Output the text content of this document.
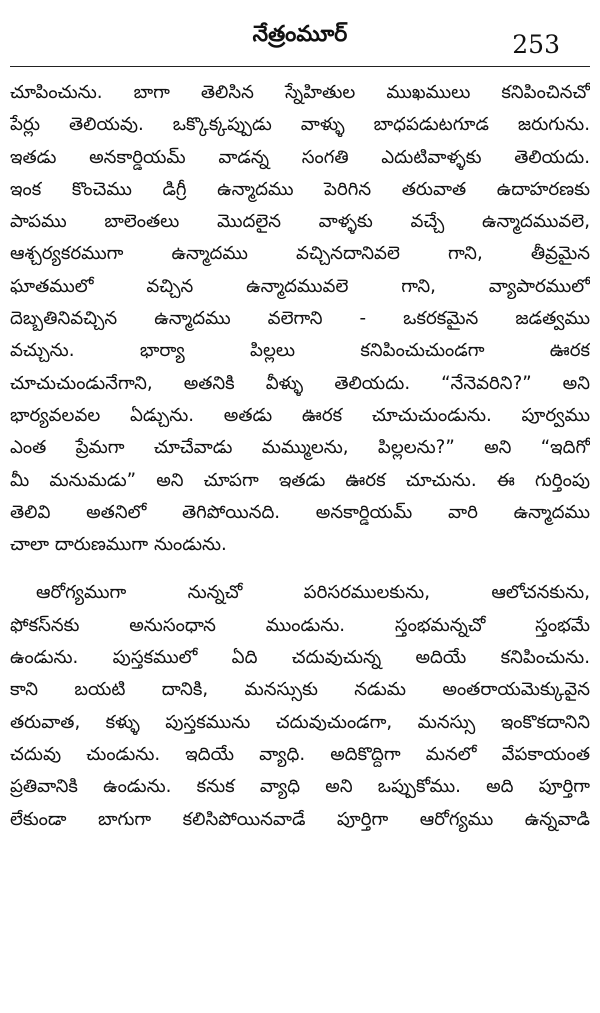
నేత్రంమూర్	253
చూపించును. బాగా తెలిసిన స్నేహితుల ముఖములు కనిపించినచో
పేర్లు తెలియవు. ఒక్కొక్కప్పుడు వాళ్ళు బాధపడుటగూడ జరుగును.
ఇతడు అనకార్డియమ్ వాడన్న సంగతి ఎదుటివాళ్ళకు తెలియదు.
ఇంక కొంచెము డిగ్రీ ఉన్మాదము పెరిగిన తరువాత ఉదాహరణకు
పాపము బాలెంతలు మొదలైన వాళ్ళకు వచ్చే ఉన్మాదమువలె,
ఆశ్చర్యకరముగా ఉన్మాదము వచ్చినదానివలె గాని, తీవ్రమైన
ఘాతములో వచ్చిన ఉన్మాదమువలె గాని, వ్యాపారములో
దెబ్బతినివచ్చిన ఉన్మాదము వలెగాని - ఒకరకమైన జడత్వము
వచ్చును. భార్యా పిల్లలు కనిపించుచుండగా ఊరక
చూచుచుండునేగాని, అతనికి వీళ్ళు తెలియదు. “నేనెవరిని?” అని
భార్యవలవల ఏడ్చును. అతడు ఊరక చూచుచుండును. పూర్వము
ఎంత ప్రేమగా చూచేవాడు మమ్ములను, పిల్లలను?” అని “ఇదిగో
మీ మనుమడు” అని చూపగా ఇతడు ఊరక చూచును. ఈ గుర్తింపు
తెలివి అతనిలో తెగిపోయినది. అనకార్డియమ్ వారి ఉన్మాదము
చాలా దారుణముగా నుండును.
ఆరోగ్యముగా నున్నచో పరిసరములకును, ఆలోచనకును,
ఫోకస్‌నకు అనుసంధాన ముండును. స్తంభమన్నచో స్తంభమే
ఉండును. పుస్తకములో ఏది చదువుచున్న అదియే కనిపించును.
కాని బయటి దానికి, మనస్సుకు నడుమ అంతరాయమెక్కువైన
తరువాత, కళ్ళు పుస్తకమును చదువుచుండగా, మనస్సు ఇంకొకదానిని
చదువు చుండును. ఇదియే వ్యాధి. అదికొద్దిగా మనలో వేపకాయంత
ప్రతివానికి ఉండును. కనుక వ్యాధి అని ఒప్పుకోము. అది పూర్తిగా
లేకుండా బాగుగా కలిసిపోయినవాడే పూర్తిగా ఆరోగ్యము ఉన్నవాడి
